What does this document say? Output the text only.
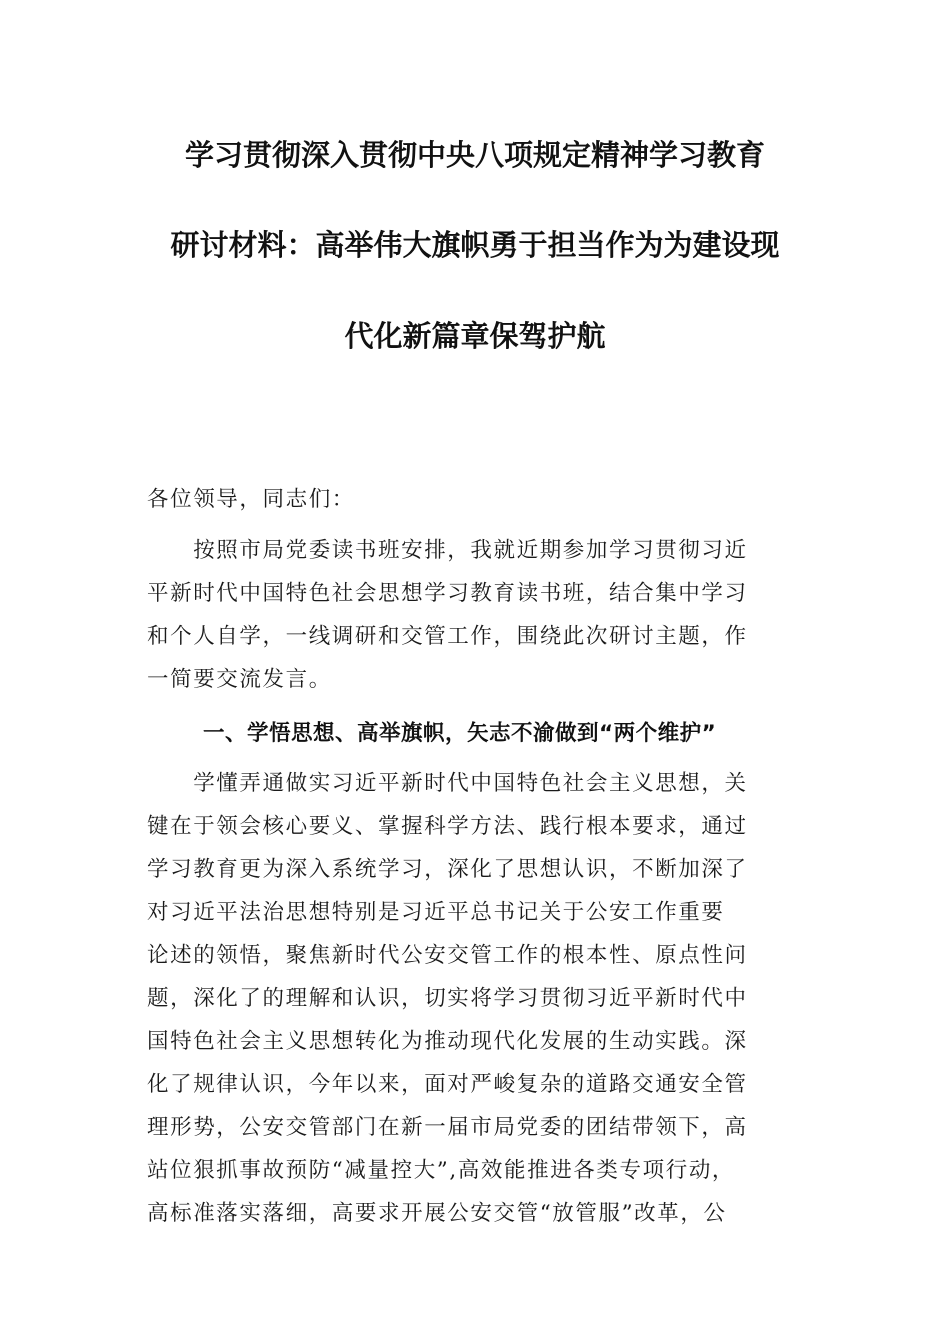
学习贯彻深入贯彻中央八项规定精神学习教育
研讨材料：高举伟大旗帜勇于担当作为为建设现
代化新篇章保驾护航
各位领导，同志们：
　　按照市局党委读书班安排，我就近期参加学习贯彻习近
平新时代中国特色社会思想学习教育读书班，结合集中学习
和个人自学，一线调研和交管工作，围绕此次研讨主题，作
一简要交流发言。
一、学悟思想、高举旗帜，矢志不渝做到“两个维护”
　　学懂弄通做实习近平新时代中国特色社会主义思想，关
键在于领会核心要义、掌握科学方法、践行根本要求，通过
学习教育更为深入系统学习，深化了思想认识，不断加深了
对习近平法治思想特别是习近平总书记关于公安工作重要
论述的领悟，聚焦新时代公安交管工作的根本性、原点性问
题，深化了的理解和认识，切实将学习贯彻习近平新时代中
国特色社会主义思想转化为推动现代化发展的生动实践。深
化了规律认识，今年以来，面对严峻复杂的道路交通安全管
理形势，公安交管部门在新一届市局党委的团结带领下，高
站位狠抓事故预防“减量控大”,高效能推进各类专项行动，
高标准落实落细，高要求开展公安交管“放管服”改革，公
